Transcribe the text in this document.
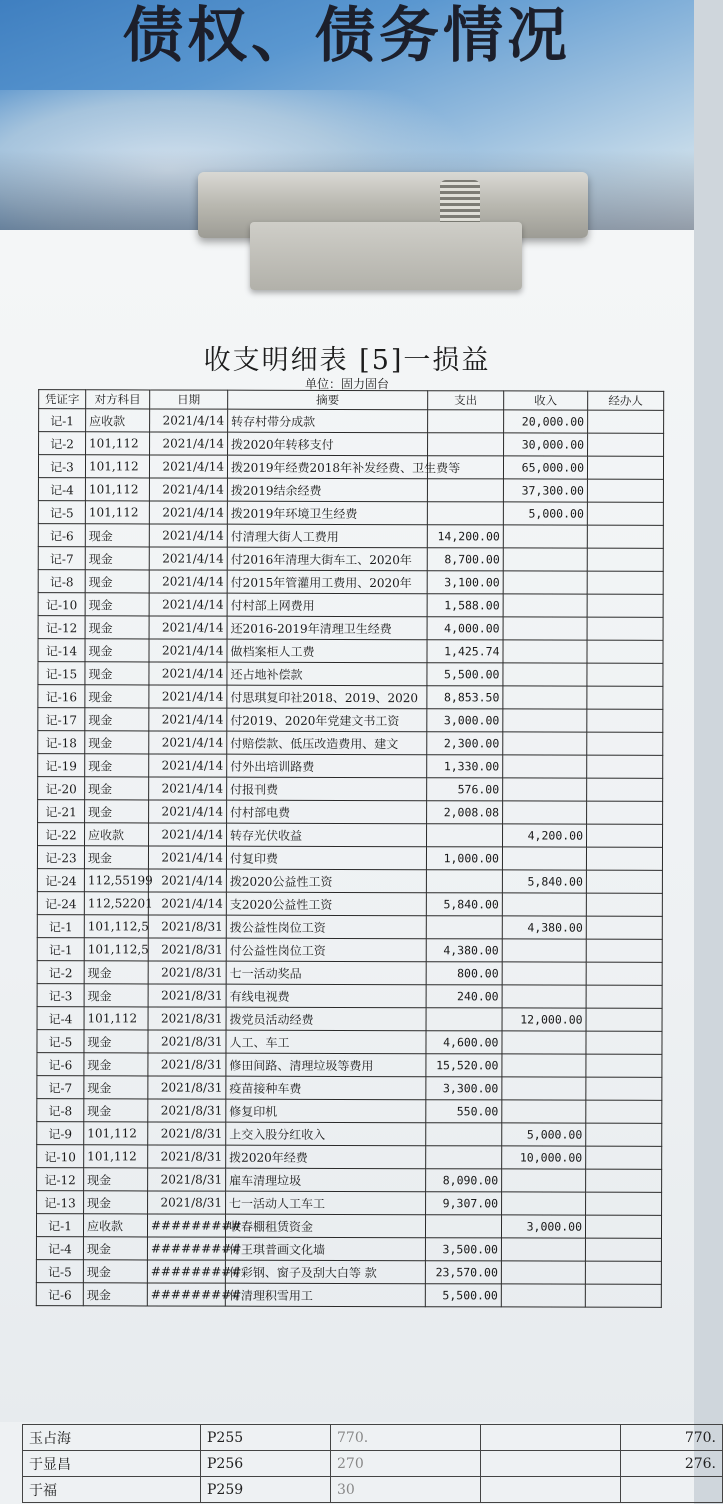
债权、债务情况
收支明细表 [5]一损益
单位：固力固台
凭证字	对方科目	日期	摘要	支出	收入	经办人
记-1	应收款	2021/4/14	转存村带分成款		20,000.00	
记-2	101,112	2021/4/14	拨2020年转移支付		30,000.00	
记-3	101,112	2021/4/14	拨2019年经费2018年补发经费、卫生费等		65,000.00	
记-4	101,112	2021/4/14	拨2019结余经费		37,300.00	
记-5	101,112	2021/4/14	拨2019年环境卫生经费		5,000.00	
记-6	现金	2021/4/14	付清理大街人工费用	14,200.00		
记-7	现金	2021/4/14	付2016年清理大街车工、2020年	8,700.00		
记-8	现金	2021/4/14	付2015年管灌用工费用、2020年	3,100.00		
记-10	现金	2021/4/14	付村部上网费用	1,588.00		
记-12	现金	2021/4/14	还2016-2019年清理卫生经费	4,000.00		
记-14	现金	2021/4/14	做档案柜人工费	1,425.74		
记-15	现金	2021/4/14	还占地补偿款	5,500.00		
记-16	现金	2021/4/14	付思琪复印社2018、2019、2020	8,853.50		
记-17	现金	2021/4/14	付2019、2020年党建文书工资	3,000.00		
记-18	现金	2021/4/14	付赔偿款、低压改造费用、建文	2,300.00		
记-19	现金	2021/4/14	付外出培训路费	1,330.00		
记-20	现金	2021/4/14	付报刊费	576.00		
记-21	现金	2021/4/14	付村部电费	2,008.08		
记-22	应收款	2021/4/14	转存光伏收益		4,200.00	
记-23	现金	2021/4/14	付复印费	1,000.00		
记-24	112,55199	2021/4/14	拨2020公益性工资		5,840.00	
记-24	112,52201	2021/4/14	支2020公益性工资	5,840.00		
记-1	101,112,5	2021/8/31	拨公益性岗位工资		4,380.00	
记-1	101,112,5	2021/8/31	付公益性岗位工资	4,380.00		
记-2	现金	2021/8/31	七一活动奖品	800.00		
记-3	现金	2021/8/31	有线电视费	240.00		
记-4	101,112	2021/8/31	拨党员活动经费		12,000.00	
记-5	现金	2021/8/31	人工、车工	4,600.00		
记-6	现金	2021/8/31	修田间路、清理垃圾等费用	15,520.00		
记-7	现金	2021/8/31	疫苗接种车费	3,300.00		
记-8	现金	2021/8/31	修复印机	550.00		
记-9	101,112	2021/8/31	上交入股分红收入		5,000.00	
记-10	101,112	2021/8/31	拨2020年经费		10,000.00	
记-12	现金	2021/8/31	雇车清理垃圾	8,090.00		
记-13	现金	2021/8/31	七一活动人工车工	9,307.00		
记-1	应收款	#########	收春棚租赁资金		3,000.00	
记-4	现金	#########	付王琪普画文化墙	3,500.00		
记-5	现金	#########	付彩钢、窗子及刮大白等 款	23,570.00		
记-6	现金	#########	付清理积雪用工	5,500.00		
玉占海	P255	770.		770.
于显昌	P256	270		276.
于福	P259	30		
